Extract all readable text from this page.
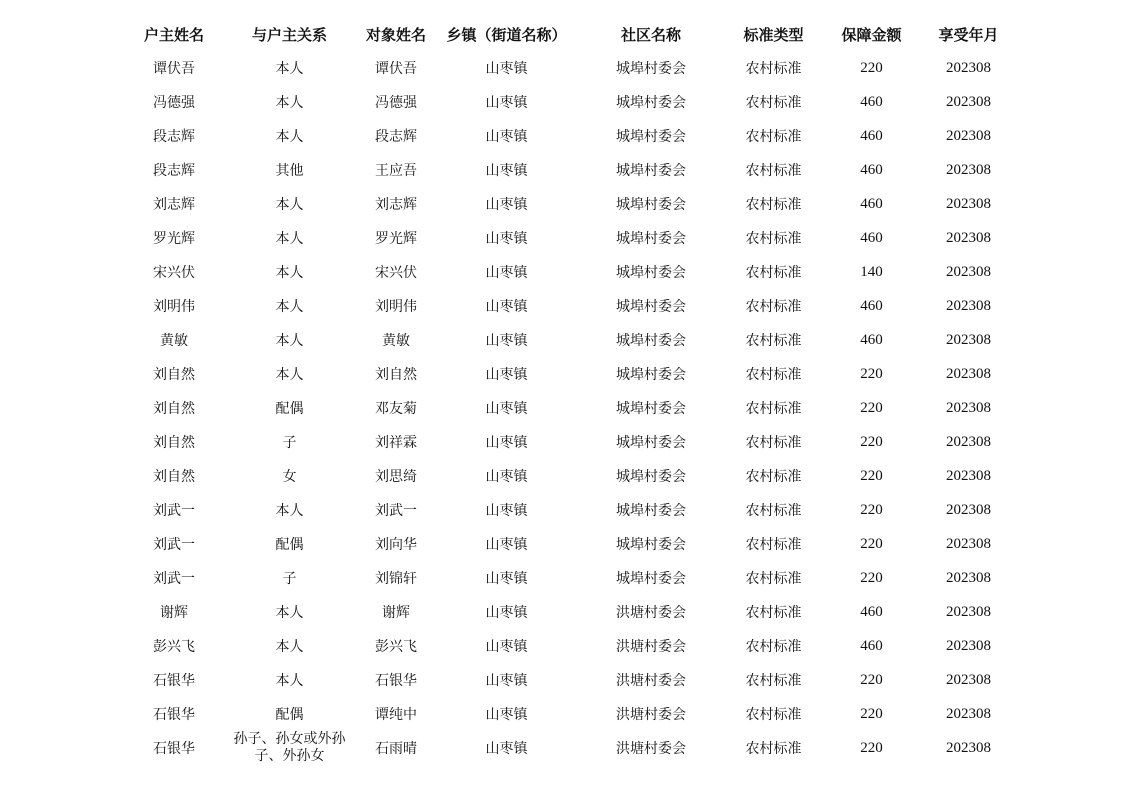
户主姓名	与户主关系	对象姓名	乡镇（街道名称）	社区名称	标准类型	保障金额	享受年月
谭伏吾	本人	谭伏吾	山枣镇	城埠村委会	农村标准	220	202308
冯德强	本人	冯德强	山枣镇	城埠村委会	农村标准	460	202308
段志辉	本人	段志辉	山枣镇	城埠村委会	农村标准	460	202308
段志辉	其他	王应吾	山枣镇	城埠村委会	农村标准	460	202308
刘志辉	本人	刘志辉	山枣镇	城埠村委会	农村标准	460	202308
罗光辉	本人	罗光辉	山枣镇	城埠村委会	农村标准	460	202308
宋兴伏	本人	宋兴伏	山枣镇	城埠村委会	农村标准	140	202308
刘明伟	本人	刘明伟	山枣镇	城埠村委会	农村标准	460	202308
黄敏	本人	黄敏	山枣镇	城埠村委会	农村标准	460	202308
刘自然	本人	刘自然	山枣镇	城埠村委会	农村标准	220	202308
刘自然	配偶	邓友菊	山枣镇	城埠村委会	农村标准	220	202308
刘自然	子	刘祥霖	山枣镇	城埠村委会	农村标准	220	202308
刘自然	女	刘思绮	山枣镇	城埠村委会	农村标准	220	202308
刘武一	本人	刘武一	山枣镇	城埠村委会	农村标准	220	202308
刘武一	配偶	刘向华	山枣镇	城埠村委会	农村标准	220	202308
刘武一	子	刘锦轩	山枣镇	城埠村委会	农村标准	220	202308
谢辉	本人	谢辉	山枣镇	洪塘村委会	农村标准	460	202308
彭兴飞	本人	彭兴飞	山枣镇	洪塘村委会	农村标准	460	202308
石银华	本人	石银华	山枣镇	洪塘村委会	农村标准	220	202308
石银华	配偶	谭纯中	山枣镇	洪塘村委会	农村标准	220	202308
石银华	孙子、孙女或外孙子、外孙女	石雨晴	山枣镇	洪塘村委会	农村标准	220	202308
